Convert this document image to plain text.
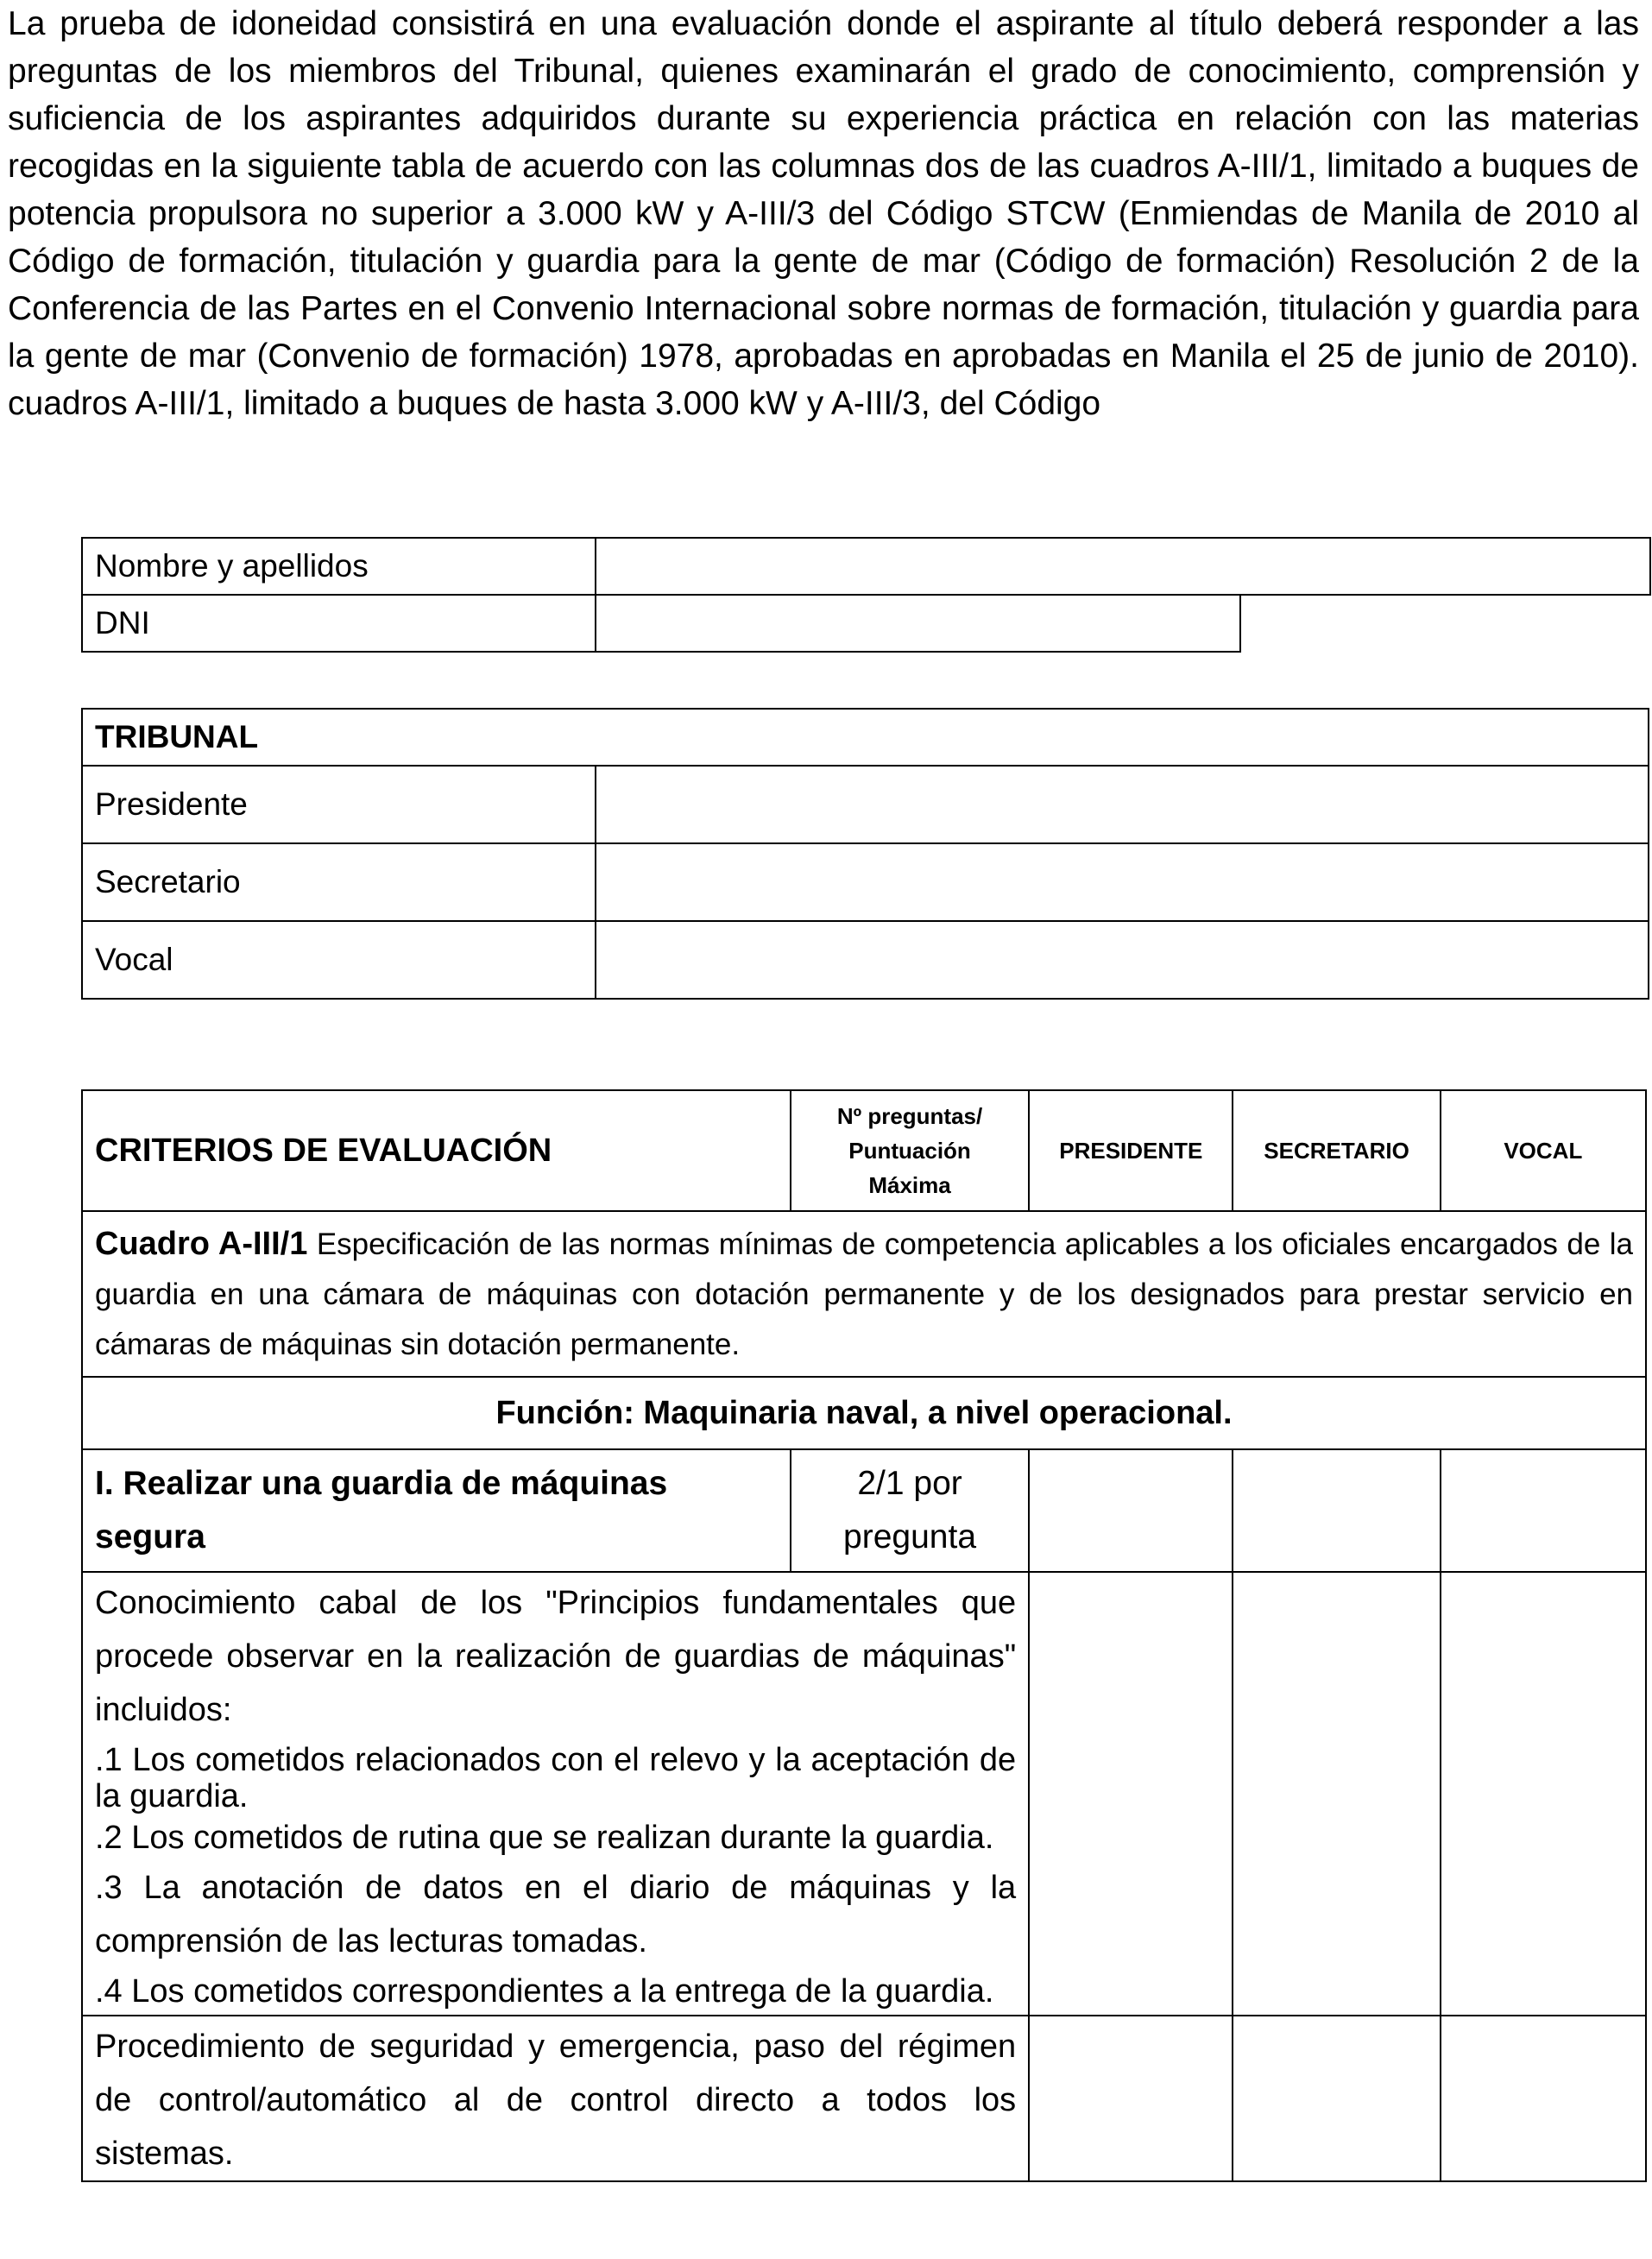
La prueba de idoneidad consistirá en una evaluación donde el aspirante al título deberá responder a las preguntas de los miembros del Tribunal, quienes examinarán el grado de conocimiento, comprensión y suficiencia de los aspirantes adquiridos durante su experiencia práctica en relación con las materias recogidas en la siguiente tabla de acuerdo con las columnas dos de las cuadros A-III/1, limitado a buques de potencia propulsora no superior a 3.000 kW y A-III/3 del Código STCW (Enmiendas de Manila de 2010 al Código de formación, titulación y guardia para la gente de mar (Código de formación) Resolución 2 de la Conferencia de las Partes en el Convenio Internacional sobre normas de formación, titulación y guardia para la gente de mar (Convenio de formación) 1978, aprobadas en aprobadas en Manila el 25 de junio de 2010). cuadros A-III/1, limitado a buques de hasta 3.000 kW y A-III/3, del Código
Nombre y apellidos		
DNI		
TRIBUNAL	
Presidente	
Secretario	
Vocal	
CRITERIOS DE EVALUACIÓN	Nº preguntas/
Puntuación
Máxima	PRESIDENTE	SECRETARIO	VOCAL
Cuadro A-III/1 Especificación de las normas mínimas de competencia aplicables a los oficiales encargados de la guardia en una cámara de máquinas con dotación permanente y de los designados para prestar servicio en cámaras de máquinas sin dotación permanente.				
Función: Maquinaria naval, a nivel operacional.				
I. Realizar una guardia de máquinas segura	2/1 por pregunta			

Conocimiento cabal de los "Principios fundamentales que procede observar en la realización de guardias de máquinas" incluidos:
.1 Los cometidos relacionados con el relevo y la aceptación de la guardia.
.2 Los cometidos de rutina que se realizan durante la guardia.
.3 La anotación de datos en el diario de máquinas y la comprensión de las lecturas tomadas.
.4 Los cometidos correspondientes a la entrega de la guardia.				

Procedimiento de seguridad y emergencia, paso del régimen de control/automático al de control directo a todos los sistemas.				
